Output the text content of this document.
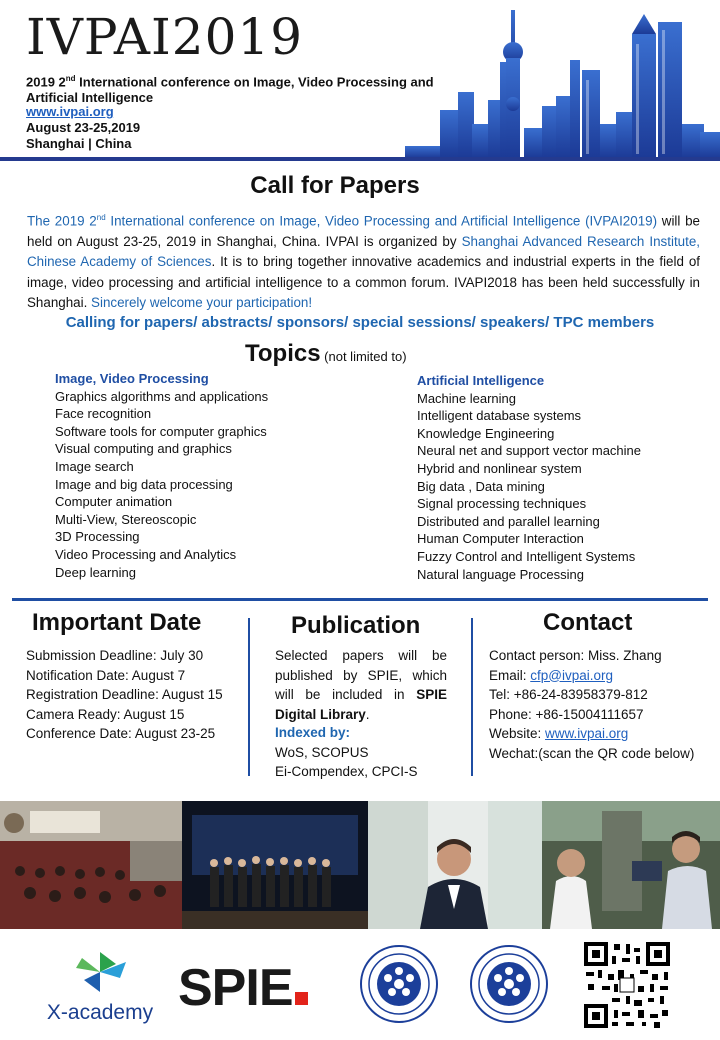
IVPAI2019
2019 2nd International conference on Image, Video Processing and Artificial Intelligence
www.ivpai.org
August 23-25,2019
Shanghai | China
Call for Papers
The 2019 2nd International conference on Image, Video Processing and Artificial Intelligence (IVPAI2019) will be held on August 23-25, 2019 in Shanghai, China. IVPAI is organized by Shanghai Advanced Research Institute, Chinese Academy of Sciences. It is to bring together innovative academics and industrial experts in the field of image, video processing and artificial intelligence to a common forum. IVAPI2018 has been held successfully in Shanghai. Sincerely welcome your participation!
Calling for papers/ abstracts/ sponsors/ special sessions/ speakers/ TPC members
Topics (not limited to)
Image, Video Processing
Graphics algorithms and applications
Face recognition
Software tools for computer graphics
Visual computing and graphics
Image search
Image and big data processing
Computer animation
Multi-View, Stereoscopic
3D Processing
Video Processing and Analytics
Deep learning
Artificial Intelligence
Machine learning
Intelligent database systems
Knowledge Engineering
Neural net and support vector machine
Hybrid and nonlinear system
Big data , Data mining
Signal processing techniques
Distributed and parallel learning
Human Computer Interaction
Fuzzy Control and Intelligent Systems
Natural language Processing
Important Date
Submission Deadline: July 30
Notification Date: August 7
Registration Deadline: August 15
Camera Ready: August 15
Conference Date: August 23-25
Publication
Selected papers will be published by SPIE, which will be included in SPIE Digital Library.
Indexed by:
WoS, SCOPUS
Ei-Compendex, CPCI-S
Contact
Contact person: Miss. Zhang
Email: cfp@ivpai.org
Tel: +86-24-83958379-812
Phone: +86-15004111657
Website: www.ivpai.org
Wechat:(scan the QR code below)
X-academy SPIE
